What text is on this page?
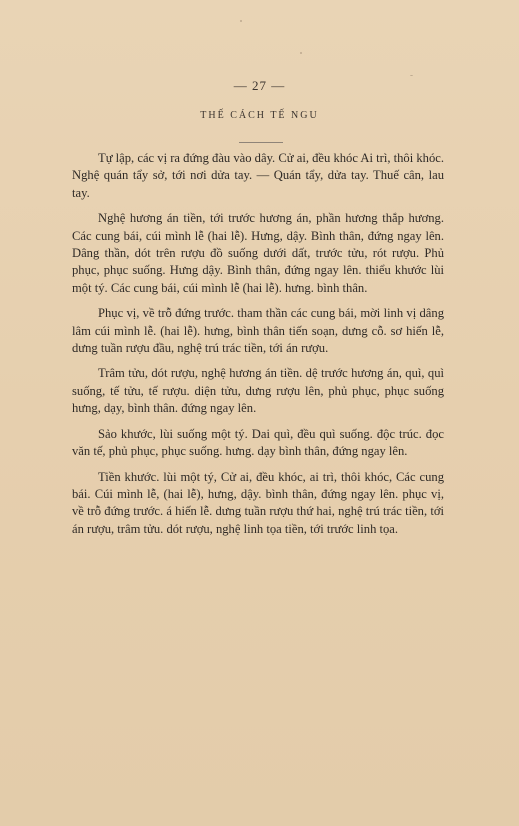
— 27 —
THẾ CÁCH TẾ NGU

Tự lập, các vị ra đứng đàu vào dây. Cử ai, đều khóc Ai trì, thôi khóc. Nghệ quán tẩy sở, tới nơi dửa tay. — Quán tẩy, dửa tay. Thuế cân, lau tay.

Nghệ hương án tiền, tới trước hương án, phần hương thắp hương. Các cung bái, cúi mình lễ (hai lễ). Hưng, dậy. Bình thân, đứng ngay lên. Dâng thần, dót trên rượu đồ suống dưới dất, trước tửu, rót rượu. Phủ phục, phục suống. Hưng dậy. Bình thân, đứng ngay lên. thiểu khước lùi một tý. Các cung bái, cúi mình lễ (hai lễ). hưng. bình thân.

Phục vị, về trỗ đứng trước. tham thần các cung bái, mời linh vị dâng lâm cúi mình lễ. (hai lễ). hưng, bình thân tiến soạn, dưng cỗ. sơ hiến lễ, dưng tuần rượu đầu, nghệ trú trác tiền, tới án rượu.

Trâm tửu, dót rượu, nghệ hương án tiền. dệ trước hương án, quì, quì suống, tế tửu, tế rượu. diện tửu, dưng rượu lên, phủ phục, phục suống hưng, dạy, bình thân. đứng ngay lên.

Sảo khước, lùi suống một tý. Dai quì, đều quì suống. độc trúc. đọc văn tế, phủ phục, phục suống. hưng. dạy bình thân, đứng ngay lên.

Tiền khước. lùi một tý, Cử ai, đều khóc, ai trì, thôi khóc, Các cung bái. Cúi mình lễ, (hai lễ), hưng, dậy. bình thân, đứng ngay lên. phục vị, về trỗ đứng trước. á hiến lễ. dưng tuần rượu thứ hai, nghệ trú trác tiền, tới án rượu, trâm tửu. dót rượu, nghệ linh tọa tiền, tới trước linh tọa.
